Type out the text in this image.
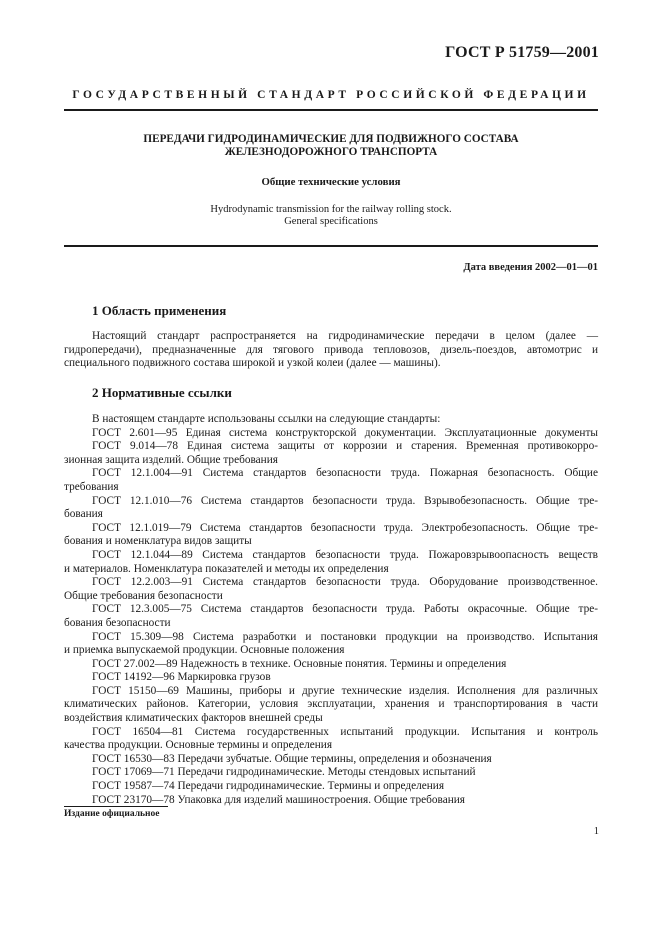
ГОСТ Р 51759—2001
ГОСУДАРСТВЕННЫЙ СТАНДАРТ РОССИЙСКОЙ ФЕДЕРАЦИИ
ПЕРЕДАЧИ ГИДРОДИНАМИЧЕСКИЕ ДЛЯ ПОДВИЖНОГО СОСТАВА
ЖЕЛЕЗНОДОРОЖНОГО ТРАНСПОРТА
Общие технические условия
Hydrodynamic transmission for the railway rolling stock.
General specifications
Дата введения 2002—01—01
1 Область применения
Настоящий стандарт распространяется на гидродинамические передачи в целом (далее —
гидропередачи), предназначенные для тягового привода тепловозов, дизель-поездов, автомотрис и
специального подвижного состава широкой и узкой колеи (далее — машины).
2 Нормативные ссылки
В настоящем стандарте использованы ссылки на следующие стандарты:
ГОСТ 2.601—95 Единая система конструкторской документации. Эксплуатационные документы
ГОСТ 9.014—78 Единая система защиты от коррозии и старения. Временная противокорро-
зионная защита изделий. Общие требования
ГОСТ 12.1.004—91 Система стандартов безопасности труда. Пожарная безопасность. Общие
требования
ГОСТ 12.1.010—76 Система стандартов безопасности труда. Взрывобезопасность. Общие тре-
бования
ГОСТ 12.1.019—79 Система стандартов безопасности труда. Электробезопасность. Общие тре-
бования и номенклатура видов защиты
ГОСТ 12.1.044—89 Система стандартов безопасности труда. Пожаровзрывоопасность веществ
и материалов. Номенклатура показателей и методы их определения
ГОСТ 12.2.003—91 Система стандартов безопасности труда. Оборудование производственное.
Общие требования безопасности
ГОСТ 12.3.005—75 Система стандартов безопасности труда. Работы окрасочные. Общие тре-
бования безопасности
ГОСТ 15.309—98 Система разработки и постановки продукции на производство. Испытания
и приемка выпускаемой продукции. Основные положения
ГОСТ 27.002—89 Надежность в технике. Основные понятия. Термины и определения
ГОСТ 14192—96 Маркировка грузов
ГОСТ 15150—69 Машины, приборы и другие технические изделия. Исполнения для различных
климатических районов. Категории, условия эксплуатации, хранения и транспортирования в части
воздействия климатических факторов внешней среды
ГОСТ 16504—81 Система государственных испытаний продукции. Испытания и контроль
качества продукции. Основные термины и определения
ГОСТ 16530—83 Передачи зубчатые. Общие термины, определения и обозначения
ГОСТ 17069—71 Передачи гидродинамические. Методы стендовых испытаний
ГОСТ 19587—74 Передачи гидродинамические. Термины и определения
ГОСТ 23170—78 Упаковка для изделий машиностроения. Общие требования
Издание официальное
1
